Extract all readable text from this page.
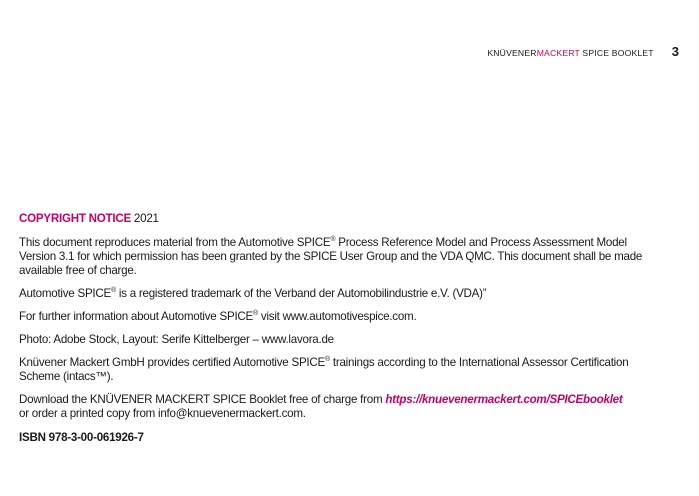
KNÜVENERMACKERT SPICE BOOKLET 3

COPYRIGHT NOTICE 2021

This document reproduces material from the Automotive SPICE® Process Reference Model and Process Assessment Model Version 3.1 for which permission has been granted by the SPICE User Group and the VDA QMC. This document shall be made available free of charge.

Automotive SPICE® is a registered trademark of the Verband der Automobilindustrie e.V. (VDA)”

For further information about Automotive SPICE® visit www.automotivespice.com.

Photo: Adobe Stock, Layout: Serife Kittelberger – www.lavora.de

Knüvener Mackert GmbH provides certified Automotive SPICE® trainings according to the International Assessor Certification Scheme (intacs™).

Download the KNÜVENER MACKERT SPICE Booklet free of charge from https://knuevenermackert.com/SPICEbooklet
or order a printed copy from info@knuevenermackert.com.

ISBN 978-3-00-061926-7
